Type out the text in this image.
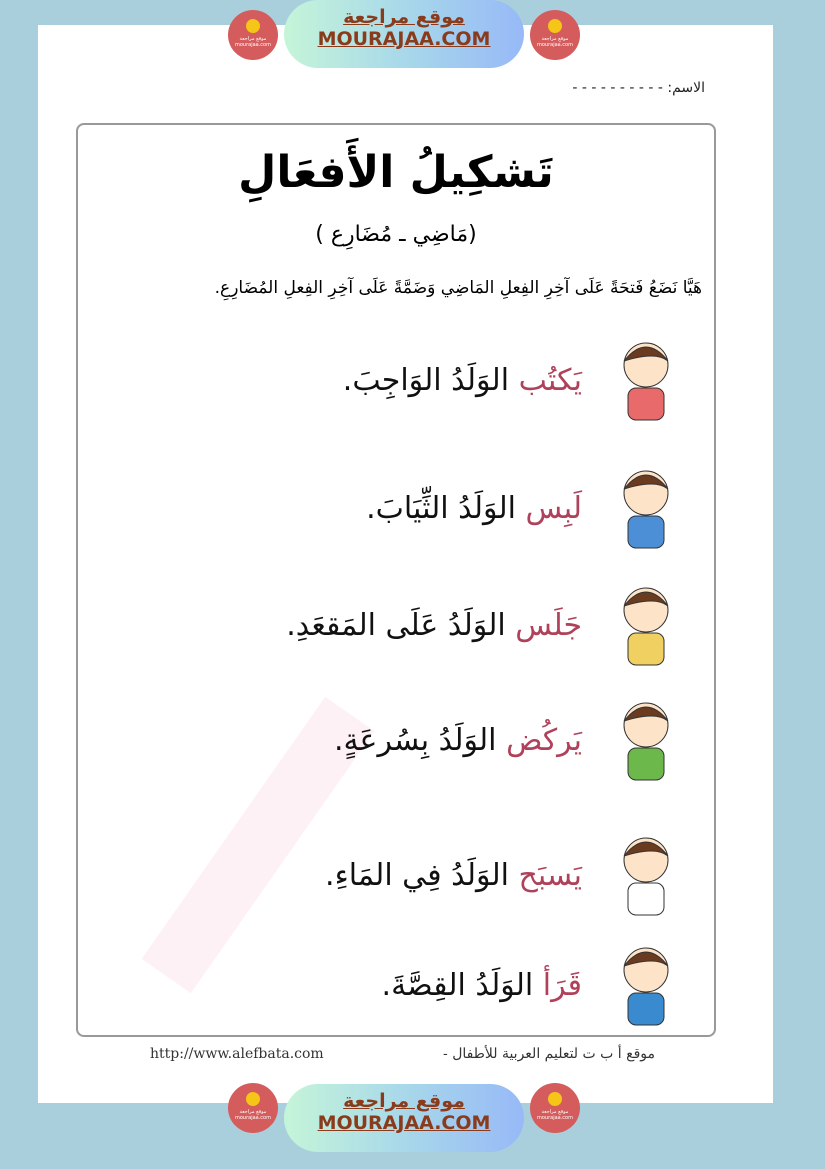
موقع مراجعة mourajaa.com
موقع مراجعة mourajaa.com
موقع مراجعة
MOURAJAA.COM
الاسم: - - - - - - - - - -
تَشكِيلُ الأَفعَالِ
(مَاضِي ـ مُضَارِع )
هَيَّا نَضَعُ فَتحَةً عَلَى آخِرِ الفِعلِ المَاضِي وَضَمَّةً عَلَى آخِرِ الفِعلِ المُضَارِعِ.
يَكتُب الوَلَدُ الوَاجِبَ.
لَبِس الوَلَدُ الثِّيَابَ.
جَلَس الوَلَدُ عَلَى المَقعَدِ.
يَركُض الوَلَدُ بِسُرعَةٍ.
يَسبَح الوَلَدُ فِي المَاءِ.
قَرَأ الوَلَدُ القِصَّةَ.
http://www.alefbata.com	موقع أ ب ت لتعليم العربية للأطفال -
موقع مراجعة mourajaa.com
موقع مراجعة mourajaa.com
موقع مراجعة
MOURAJAA.COM
